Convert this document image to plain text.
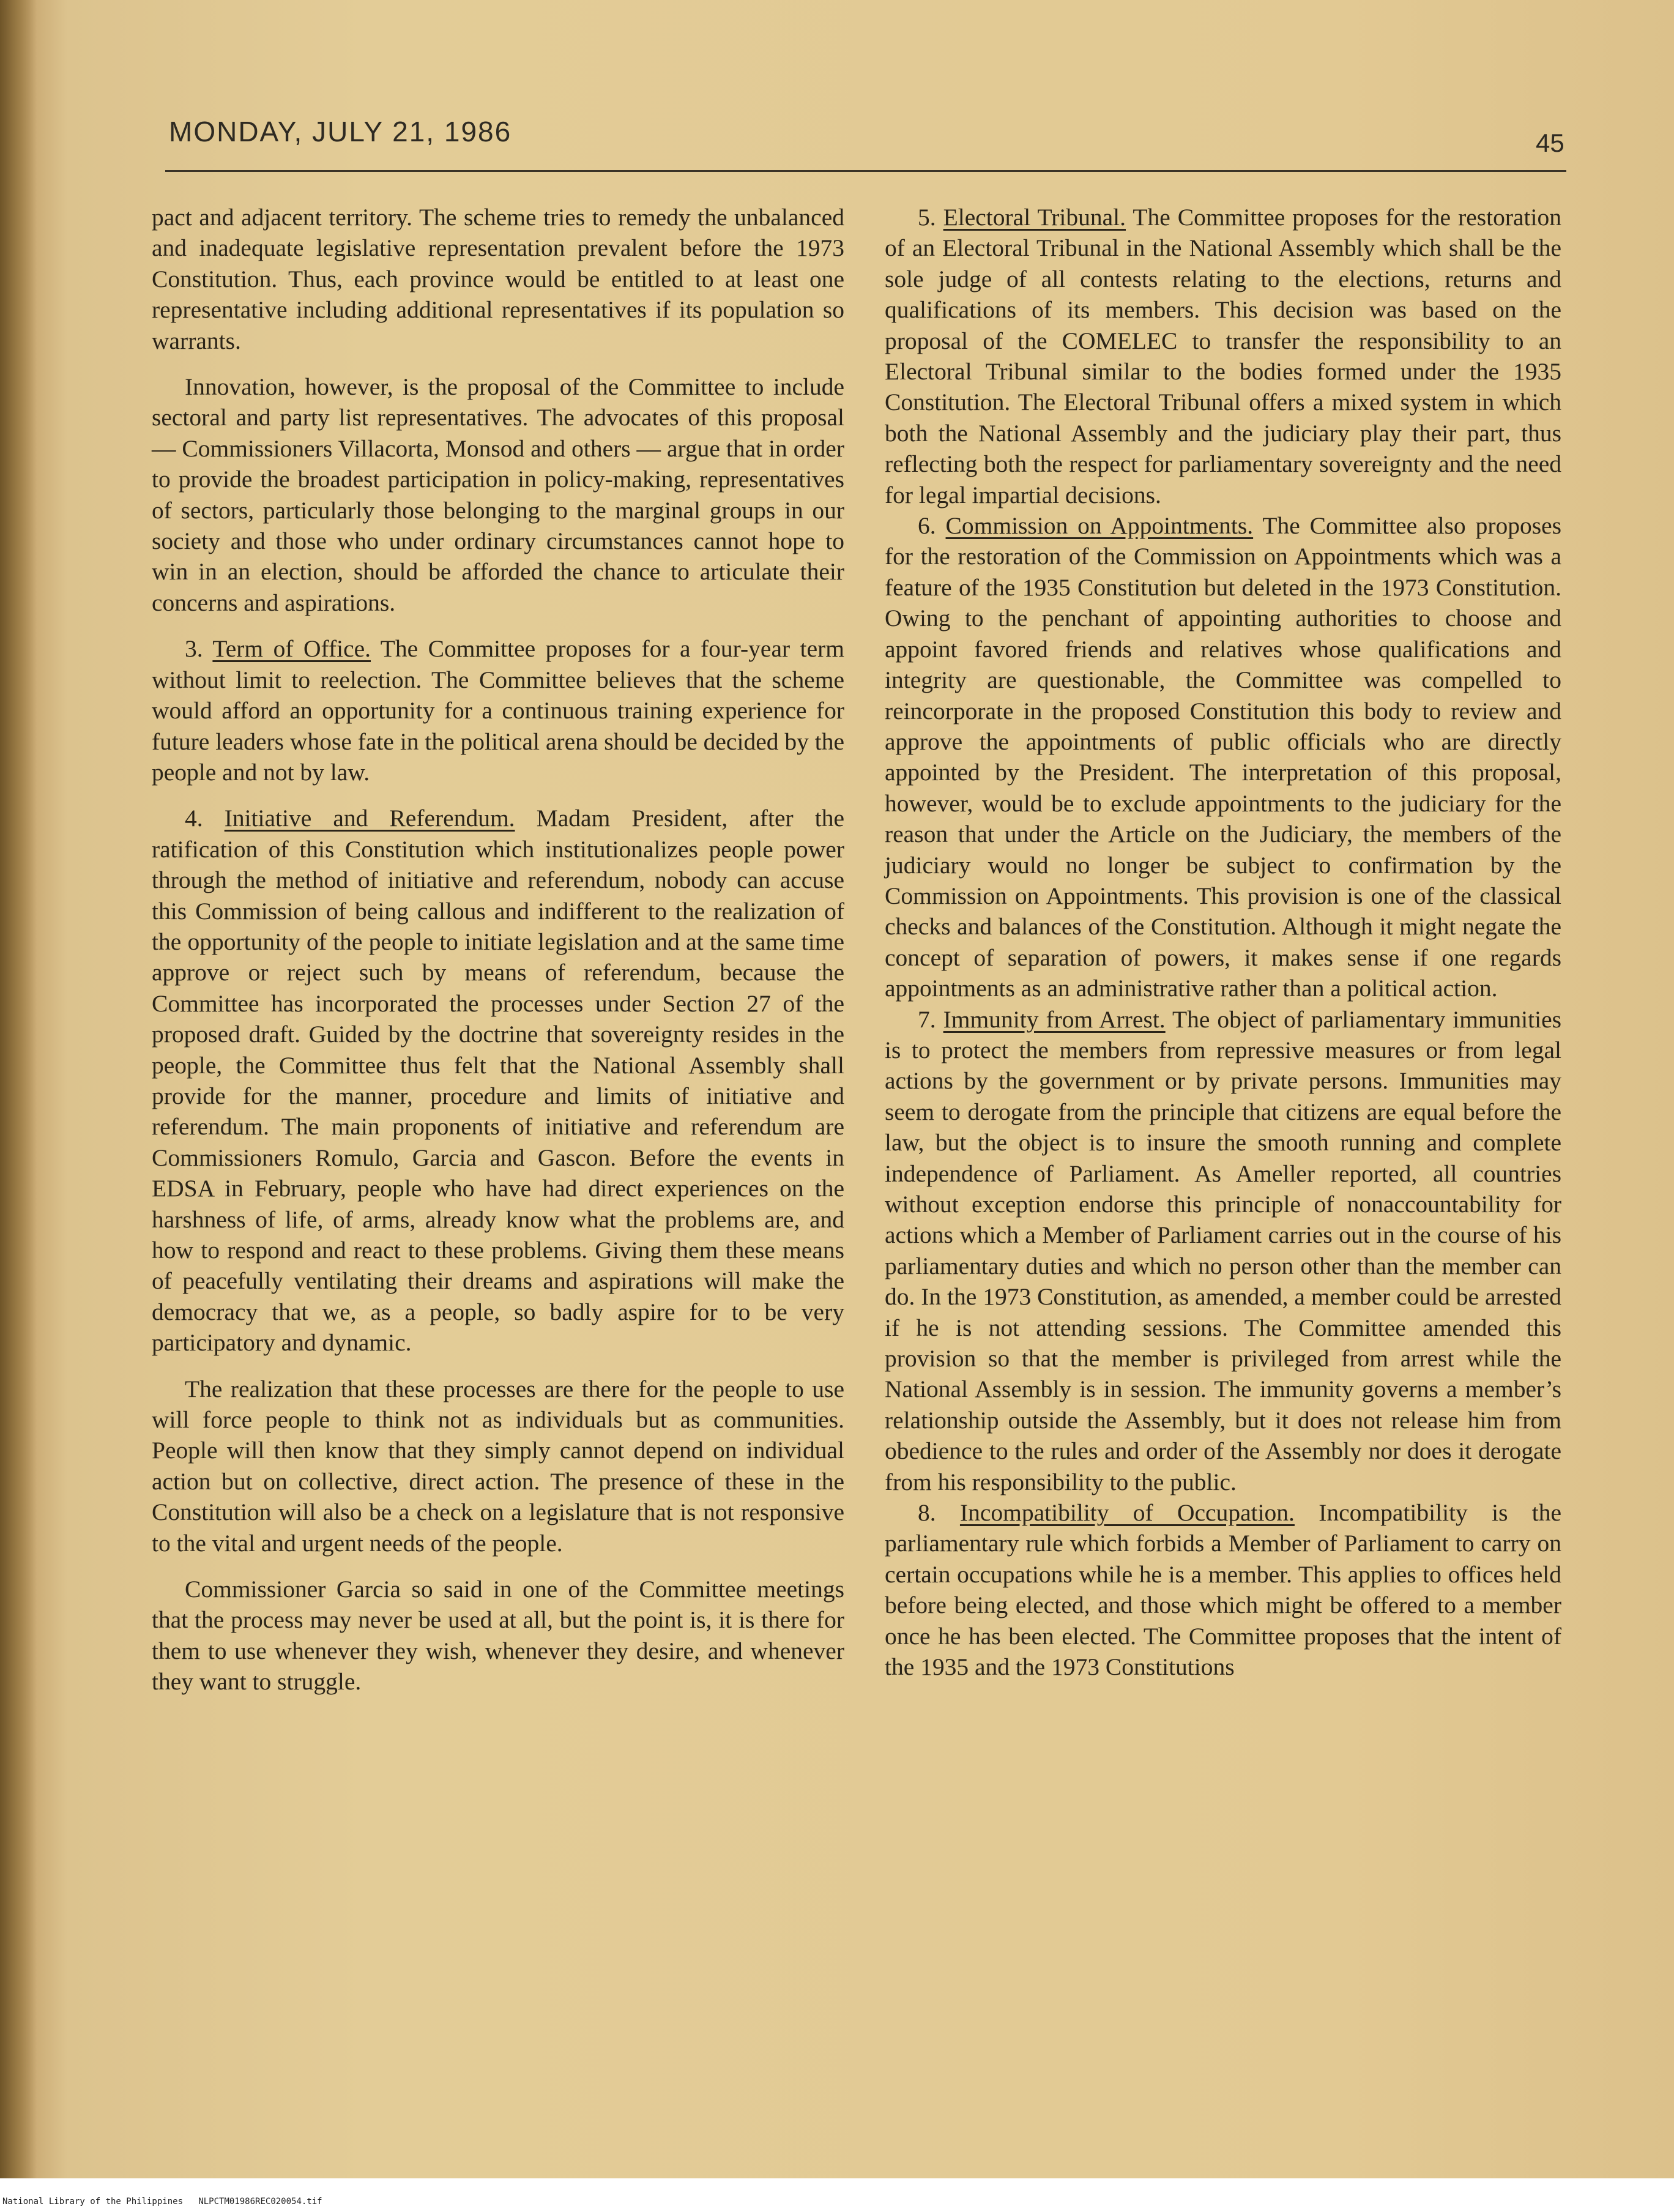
MONDAY, JULY 21, 1986	45

pact and adjacent territory. The scheme tries to remedy the unbalanced and inadequate legislative representation prevalent before the 1973 Constitution. Thus, each province would be entitled to at least one representative including additional representatives if its population so warrants.

Innovation, however, is the proposal of the Committee to include sectoral and party list representatives. The advocates of this proposal — Commissioners Villacorta, Monsod and others — argue that in order to provide the broadest participation in policy-making, representatives of sectors, particularly those belonging to the marginal groups in our society and those who under ordinary circumstances cannot hope to win in an election, should be afforded the chance to articulate their concerns and aspirations.

3. Term of Office. The Committee proposes for a four-year term without limit to reelection. The Committee believes that the scheme would afford an opportunity for a continuous training experience for future leaders whose fate in the political arena should be decided by the people and not by law.

4. Initiative and Referendum. Madam President, after the ratification of this Constitution which institutionalizes people power through the method of initiative and referendum, nobody can accuse this Commission of being callous and indifferent to the realization of the opportunity of the people to initiate legislation and at the same time approve or reject such by means of referendum, because the Committee has incorporated the processes under Section 27 of the proposed draft. Guided by the doctrine that sovereignty resides in the people, the Committee thus felt that the National Assembly shall provide for the manner, procedure and limits of initiative and referendum. The main proponents of initiative and referendum are Commissioners Romulo, Garcia and Gascon. Before the events in EDSA in February, people who have had direct experiences on the harshness of life, of arms, already know what the problems are, and how to respond and react to these problems. Giving them these means of peacefully ventilating their dreams and aspirations will make the democracy that we, as a people, so badly aspire for to be very participatory and dynamic.

The realization that these processes are there for the people to use will force people to think not as individuals but as communities. People will then know that they simply cannot depend on individual action but on collective, direct action. The presence of these in the Constitution will also be a check on a legislature that is not responsive to the vital and urgent needs of the people.

Commissioner Garcia so said in one of the Committee meetings that the process may never be used at all, but the point is, it is there for them to use whenever they wish, whenever they desire, and whenever they want to struggle.

5. Electoral Tribunal. The Committee proposes for the restoration of an Electoral Tribunal in the National Assembly which shall be the sole judge of all contests relating to the elections, returns and qualifications of its members. This decision was based on the proposal of the COMELEC to transfer the responsibility to an Electoral Tribunal similar to the bodies formed under the 1935 Constitution. The Electoral Tribunal offers a mixed system in which both the National Assembly and the judiciary play their part, thus reflecting both the respect for parliamentary sovereignty and the need for legal impartial decisions.

6. Commission on Appointments. The Committee also proposes for the restoration of the Commission on Appointments which was a feature of the 1935 Constitution but deleted in the 1973 Constitution. Owing to the penchant of appointing authorities to choose and appoint favored friends and relatives whose qualifications and integrity are questionable, the Committee was compelled to reincorporate in the proposed Constitution this body to review and approve the appointments of public officials who are directly appointed by the President. The interpretation of this proposal, however, would be to exclude appointments to the judiciary for the reason that under the Article on the Judiciary, the members of the judiciary would no longer be subject to confirmation by the Commission on Appointments. This provision is one of the classical checks and balances of the Constitution. Although it might negate the concept of separation of powers, it makes sense if one regards appointments as an administrative rather than a political action.

7. Immunity from Arrest. The object of parliamentary immunities is to protect the members from repressive measures or from legal actions by the government or by private persons. Immunities may seem to derogate from the principle that citizens are equal before the law, but the object is to insure the smooth running and complete independence of Parliament. As Ameller reported, all countries without exception endorse this principle of nonaccountability for actions which a Member of Parliament carries out in the course of his parliamentary duties and which no person other than the member can do. In the 1973 Constitution, as amended, a member could be arrested if he is not attending sessions. The Committee amended this provision so that the member is privileged from arrest while the National Assembly is in session. The immunity governs a member’s relationship outside the Assembly, but it does not release him from obedience to the rules and order of the Assembly nor does it derogate from his responsibility to the public.

8. Incompatibility of Occupation. Incompatibility is the parliamentary rule which forbids a Member of Parliament to carry on certain occupations while he is a member. This applies to offices held before being elected, and those which might be offered to a member once he has been elected. The Committee proposes that the intent of the 1935 and the 1973 Constitutions

National Library of the Philippines NLPCTM01986REC020054.tif
